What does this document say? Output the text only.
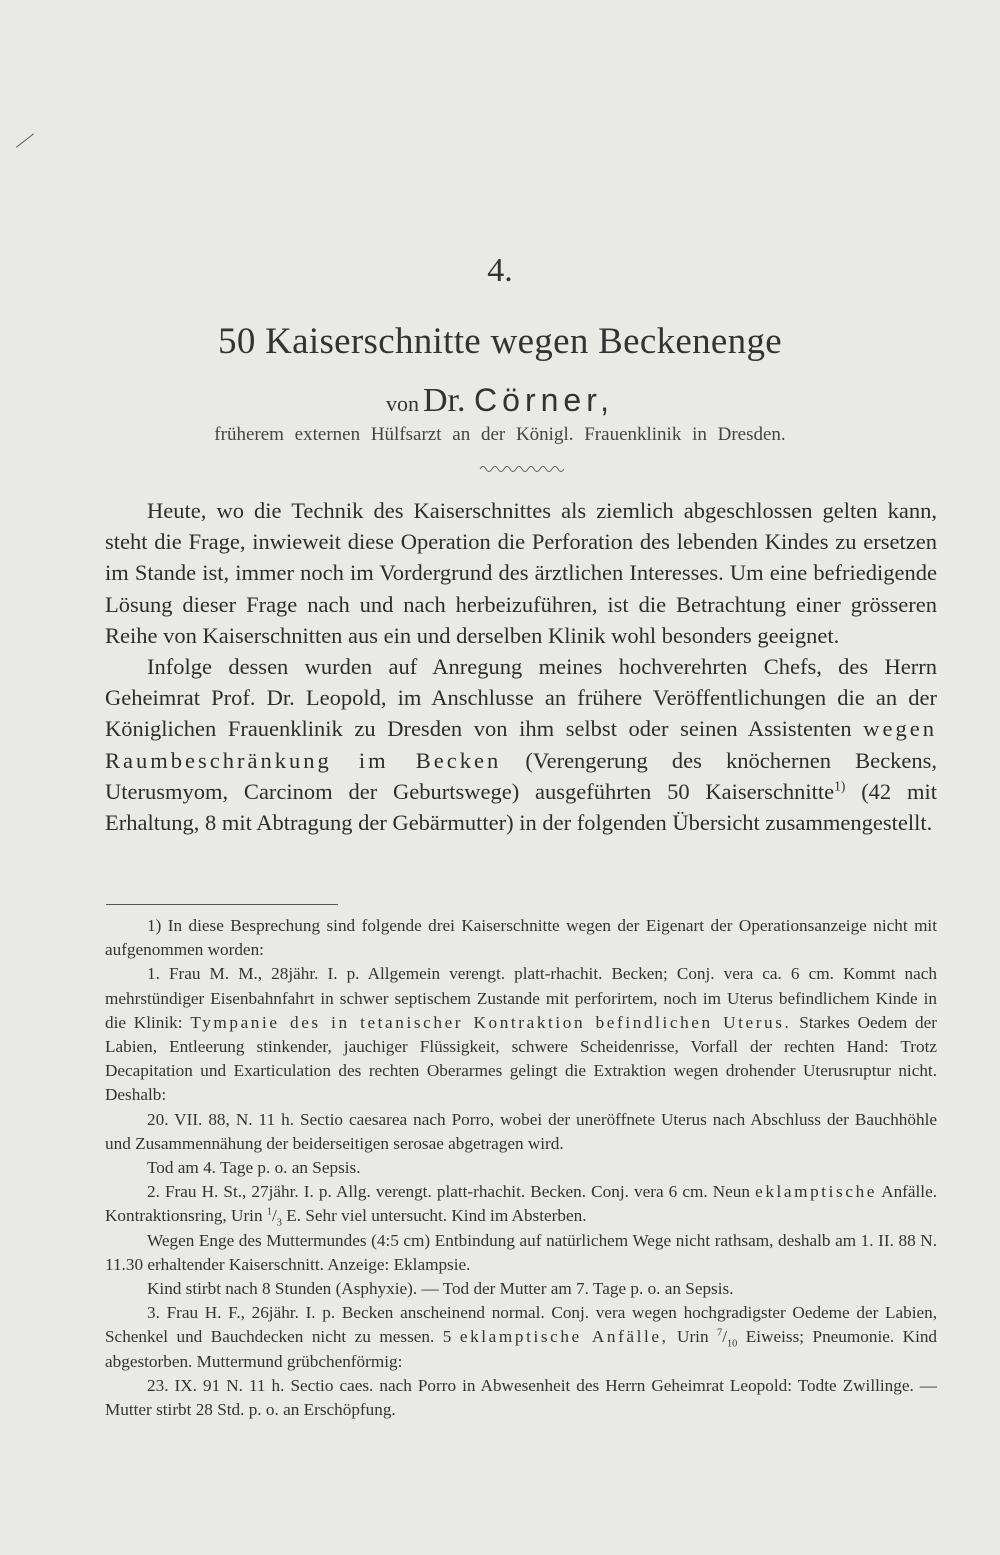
4.
50 Kaiserschnitte wegen Beckenenge
von Dr. Cörner,
früherem externen Hülfsarzt an der Königl. Frauenklinik in Dresden.

Heute, wo die Technik des Kaiserschnittes als ziemlich abgeschlossen gelten kann, steht die Frage, inwieweit diese Operation die Perforation des lebenden Kindes zu ersetzen im Stande ist, immer noch im Vordergrund des ärztlichen Interesses. Um eine befriedigende Lösung dieser Frage nach und nach herbeizuführen, ist die Betrachtung einer grösseren Reihe von Kaiserschnitten aus ein und derselben Klinik wohl besonders geeignet.

Infolge dessen wurden auf Anregung meines hochverehrten Chefs, des Herrn Geheimrat Prof. Dr. Leopold, im Anschlusse an frühere Veröffentlichungen die an der Königlichen Frauenklinik zu Dresden von ihm selbst oder seinen Assistenten wegen Raumbeschränkung im Becken (Verengerung des knöchernen Beckens, Uterusmyom, Carcinom der Geburtswege) ausgeführten 50 Kaiserschnitte$^{1)}$ (42 mit Erhaltung, 8 mit Abtragung der Gebärmutter) in der folgenden Übersicht zusammengestellt.

1) In diese Besprechung sind folgende drei Kaiserschnitte wegen der Eigenart der Operationsanzeige nicht mit aufgenommen worden:

1. Frau M. M., 28jähr. I. p. Allgemein verengt. platt-rhachit. Becken; Conj. vera ca. 6 cm. Kommt nach mehrstündiger Eisenbahnfahrt in schwer septischem Zustande mit perforirtem, noch im Uterus befindlichem Kinde in die Klinik: Tympanie des in tetanischer Kontraktion befindlichen Uterus. Starkes Oedem der Labien, Entleerung stinkender, jauchiger Flüssigkeit, schwere Scheidenrisse, Vorfall der rechten Hand: Trotz Decapitation und Exarticulation des rechten Oberarmes gelingt die Extraktion wegen drohender Uterusruptur nicht. Deshalb:

20. VII. 88, N. 11 h. Sectio caesarea nach Porro, wobei der uneröffnete Uterus nach Abschluss der Bauchhöhle und Zusammennähung der beiderseitigen serosae abgetragen wird.

Tod am 4. Tage p. o. an Sepsis.

2. Frau H. St., 27jähr. I. p. Allg. verengt. platt-rhachit. Becken. Conj. vera 6 cm. Neun eklamptische Anfälle. Kontraktionsring, Urin $^1/_3$ E. Sehr viel untersucht. Kind im Absterben.

Wegen Enge des Muttermundes (4:5 cm) Entbindung auf natürlichem Wege nicht rathsam, deshalb am 1. II. 88 N. 11.30 erhaltender Kaiserschnitt. Anzeige: Eklampsie.

Kind stirbt nach 8 Stunden (Asphyxie). — Tod der Mutter am 7. Tage p. o. an Sepsis.

3. Frau H. F., 26jähr. I. p. Becken anscheinend normal. Conj. vera wegen hochgradigster Oedeme der Labien, Schenkel und Bauchdecken nicht zu messen. 5 eklamptische Anfälle, Urin $^7/_{10}$ Eiweiss; Pneumonie. Kind abgestorben. Muttermund grübchenförmig:

23. IX. 91 N. 11 h. Sectio caes. nach Porro in Abwesenheit des Herrn Geheimrat Leopold: Todte Zwillinge. — Mutter stirbt 28 Std. p. o. an Erschöpfung.
